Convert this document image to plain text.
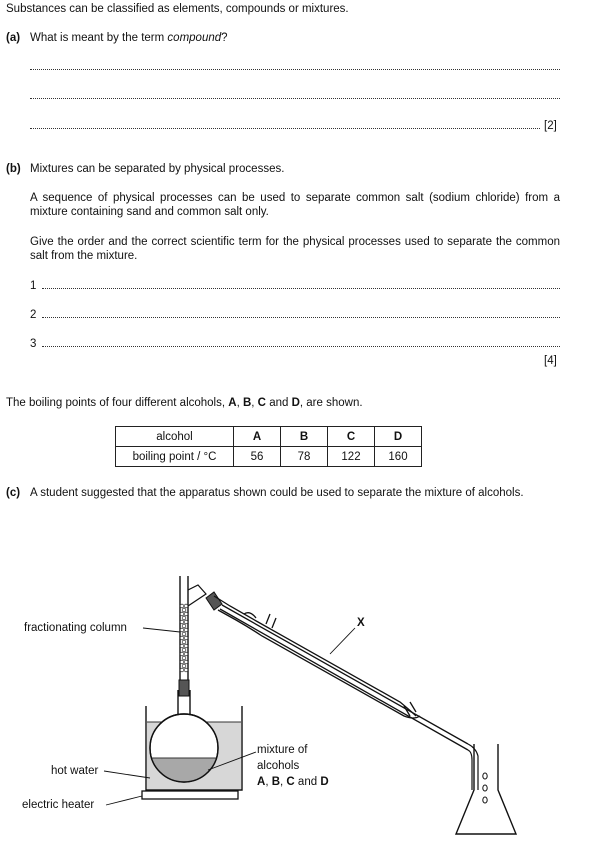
Substances can be classified as elements, compounds or mixtures.
(a) What is meant by the term compound?
[2]
(b) Mixtures can be separated by physical processes.
A sequence of physical processes can be used to separate common salt (sodium chloride) from a mixture containing sand and common salt only.
Give the order and the correct scientific term for the physical processes used to separate the common salt from the mixture.
1
2
3
[4]
The boiling points of four different alcohols, A, B, C and D, are shown.
alcohol	A	B	C	D
boiling point / °C	56	78	122	160
(c) A student suggested that the apparatus shown could be used to separate the mixture of alcohols.
fractionating column	X
hot water
electric heater
mixture of
alcohols
A, B, C and D
